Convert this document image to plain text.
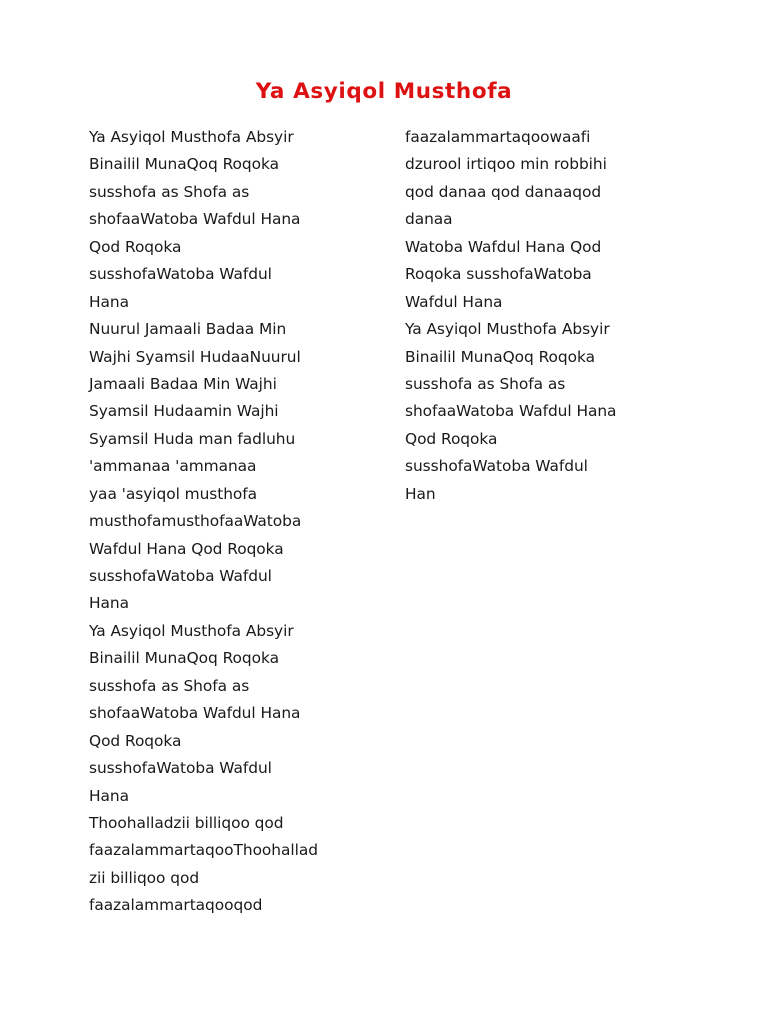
Ya Asyiqol Musthofa
Ya Asyiqol Musthofa Absyir
Binailil MunaQoq Roqoka
susshofa as Shofa as
shofaaWatoba Wafdul Hana
Qod Roqoka
susshofaWatoba Wafdul
Hana
Nuurul Jamaali Badaa Min
Wajhi Syamsil HudaaNuurul
Jamaali Badaa Min Wajhi
Syamsil Hudaamin Wajhi
Syamsil Huda man fadluhu
'ammanaa 'ammanaa
yaa 'asyiqol musthofa
musthofamusthofaaWatoba
Wafdul Hana Qod Roqoka
susshofaWatoba Wafdul
Hana
Ya Asyiqol Musthofa Absyir
Binailil MunaQoq Roqoka
susshofa as Shofa as
shofaaWatoba Wafdul Hana
Qod Roqoka
susshofaWatoba Wafdul
Hana
Thoohalladzii billiqoo qod
faazalammartaqooThoohallad
zii billiqoo qod
faazalammartaqooqod
faazalammartaqoowaafi
dzurool irtiqoo min robbihi
qod danaa qod danaaqod
danaa
Watoba Wafdul Hana Qod
Roqoka susshofaWatoba
Wafdul Hana
Ya Asyiqol Musthofa Absyir
Binailil MunaQoq Roqoka
susshofa as Shofa as
shofaaWatoba Wafdul Hana
Qod Roqoka
susshofaWatoba Wafdul
Han
